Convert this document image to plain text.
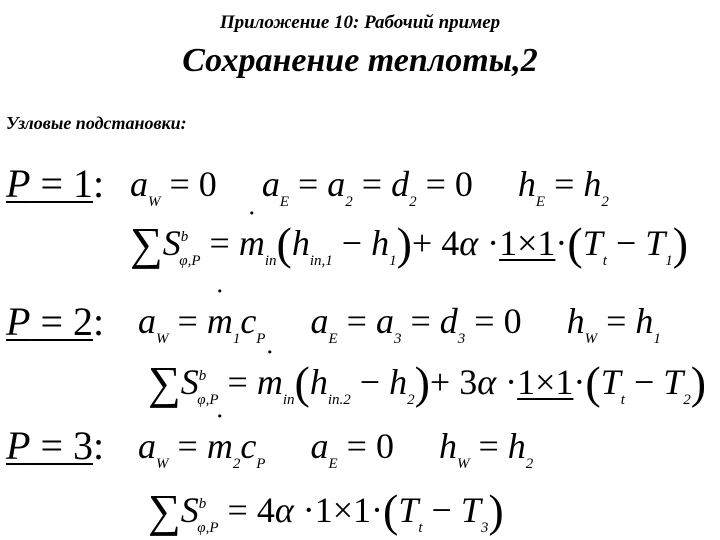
Приложение 10: Рабочий пример
Сохранение теплоты,2
Узловые подстановки:
P = 1: $a_W = 0$     $a_E = a_2 = d_2 = 0$     $h_E = h_2$
$\sum S^b_{\varphi,P} = m$ $˙_{in}(h_{in,1} - h_1)+ 4\alpha \cdot 1\times 1\cdot(T_t - T_1)$
P = 2: $a_W = m$ $˙_1c_P$ $a_E = a_3 = d_3 = 0$     $h_W = h_1$
$\sum S^b_{\varphi,P} = m$ $˙_{in}(h_{in.2} - h_2)+ 3\alpha \cdot 1\times 1\cdot(T_t - T_2)$
P = 3: $a_W = m$ $˙_2c_P$ $a_E = 0$     $h_W = h_2$
$\sum S^b_{\varphi,P} = 4\alpha \cdot 1\times 1\cdot(T_t - T_3)$
